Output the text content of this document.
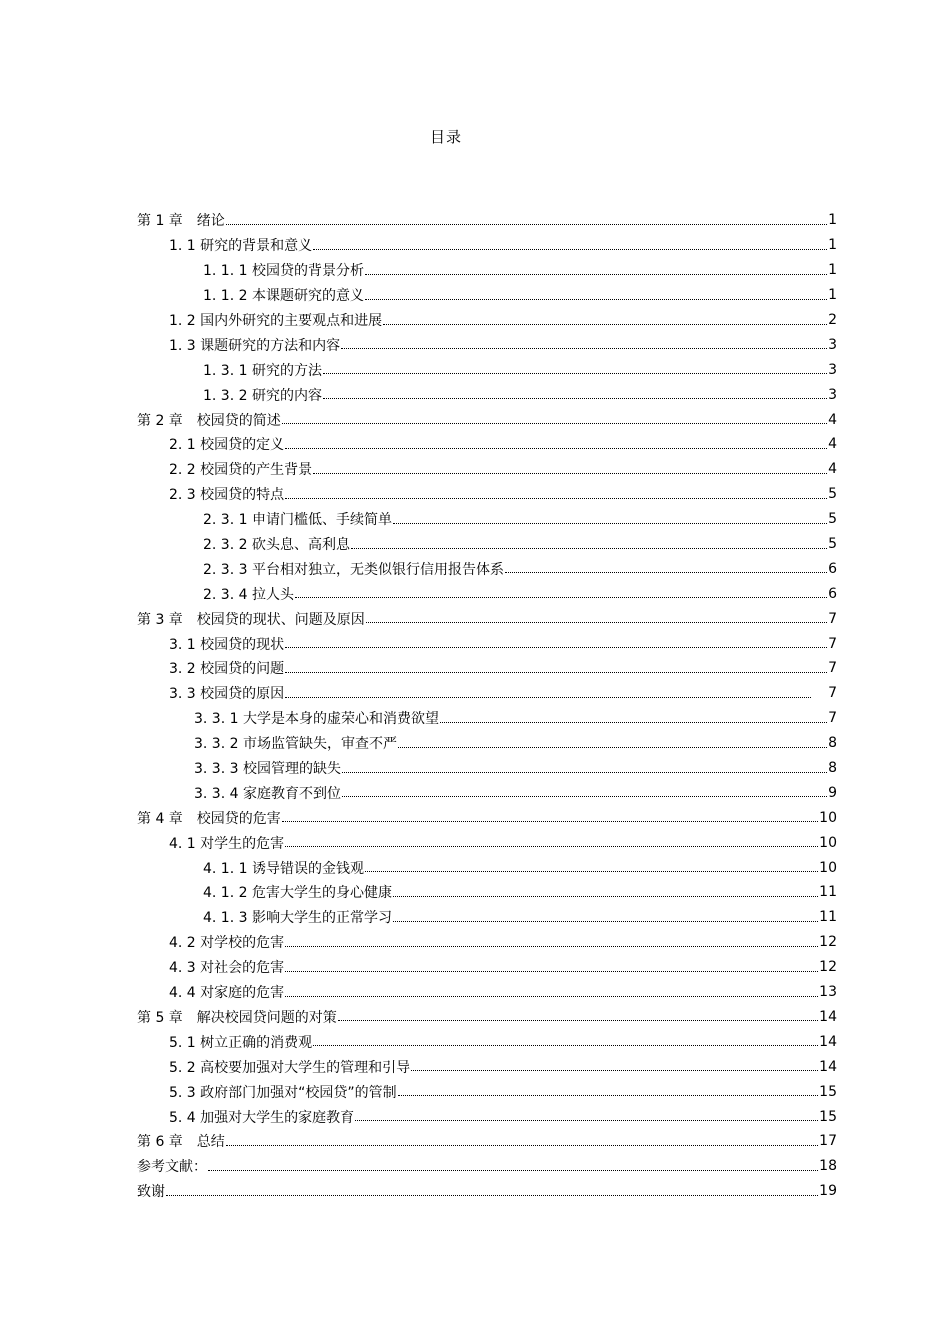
目录
第 1 章　绪论	1
1. 1 研究的背景和意义	1
1. 1. 1 校园贷的背景分析	1
1. 1. 2 本课题研究的意义	1
1. 2 国内外研究的主要观点和进展	2
1. 3 课题研究的方法和内容	3
1. 3. 1 研究的方法	3
1. 3. 2 研究的内容	3
第 2 章　校园贷的简述	4
2. 1 校园贷的定义	4
2. 2 校园贷的产生背景	4
2. 3 校园贷的特点	5
2. 3. 1 申请门槛低、手续简单	5
2. 3. 2 砍头息、高利息	5
2. 3. 3 平台相对独立，无类似银行信用报告体系	6
2. 3. 4 拉人头	6
第 3 章　校园贷的现状、问题及原因	7
3. 1 校园贷的现状	7
3. 2 校园贷的问题	7
3. 3 校园贷的原因	7
3. 3. 1 大学是本身的虚荣心和消费欲望	7
3. 3. 2 市场监管缺失，审查不严	8
3. 3. 3 校园管理的缺失	8
3. 3. 4 家庭教育不到位	9
第 4 章　校园贷的危害	10
4. 1 对学生的危害	10
4. 1. 1 诱导错误的金钱观	10
4. 1. 2 危害大学生的身心健康	11
4. 1. 3 影响大学生的正常学习	11
4. 2 对学校的危害	12
4. 3 对社会的危害	12
4. 4 对家庭的危害	13
第 5 章　解决校园贷问题的对策	14
5. 1 树立正确的消费观	14
5. 2 高校要加强对大学生的管理和引导	14
5. 3 政府部门加强对“校园贷”的管制	15
5. 4 加强对大学生的家庭教育	15
第 6 章　总结	17
参考文献：	18
致谢	19
